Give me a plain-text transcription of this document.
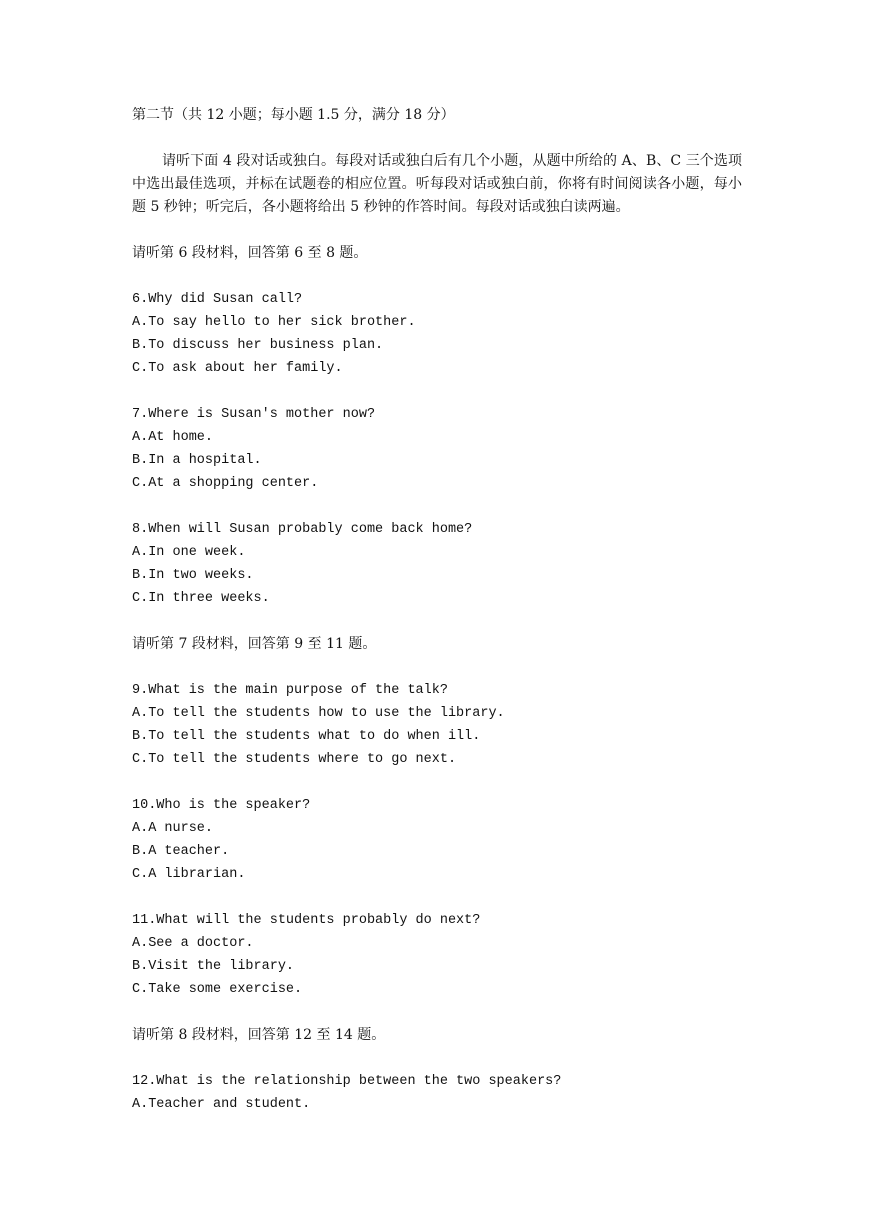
第二节（共 12 小题；每小题 1.5 分，满分 18 分）

请听下面 4 段对话或独白。每段对话或独白后有几个小题，从题中所给的 A、B、C 三个选项中选出最佳选项，并标在试题卷的相应位置。听每段对话或独白前，你将有时间阅读各小题，每小题 5 秒钟；听完后，各小题将给出 5 秒钟的作答时间。每段对话或独白读两遍。

请听第 6 段材料，回答第 6 至 8 题。
6.Why did Susan call?
A.To say hello to her sick brother.
B.To discuss her business plan.
C.To ask about her family.
7.Where is Susan's mother now?
A.At home.
B.In a hospital.
C.At a shopping center.
8.When will Susan probably come back home?
A.In one week.
B.In two weeks.
C.In three weeks.
请听第 7 段材料，回答第 9 至 11 题。
9.What is the main purpose of the talk?
A.To tell the students how to use the library.
B.To tell the students what to do when ill.
C.To tell the students where to go next.
10.Who is the speaker?
A.A nurse.
B.A teacher.
C.A librarian.
11.What will the students probably do next?
A.See a doctor.
B.Visit the library.
C.Take some exercise.
请听第 8 段材料，回答第 12 至 14 题。
12.What is the relationship between the two speakers?
A.Teacher and student.
